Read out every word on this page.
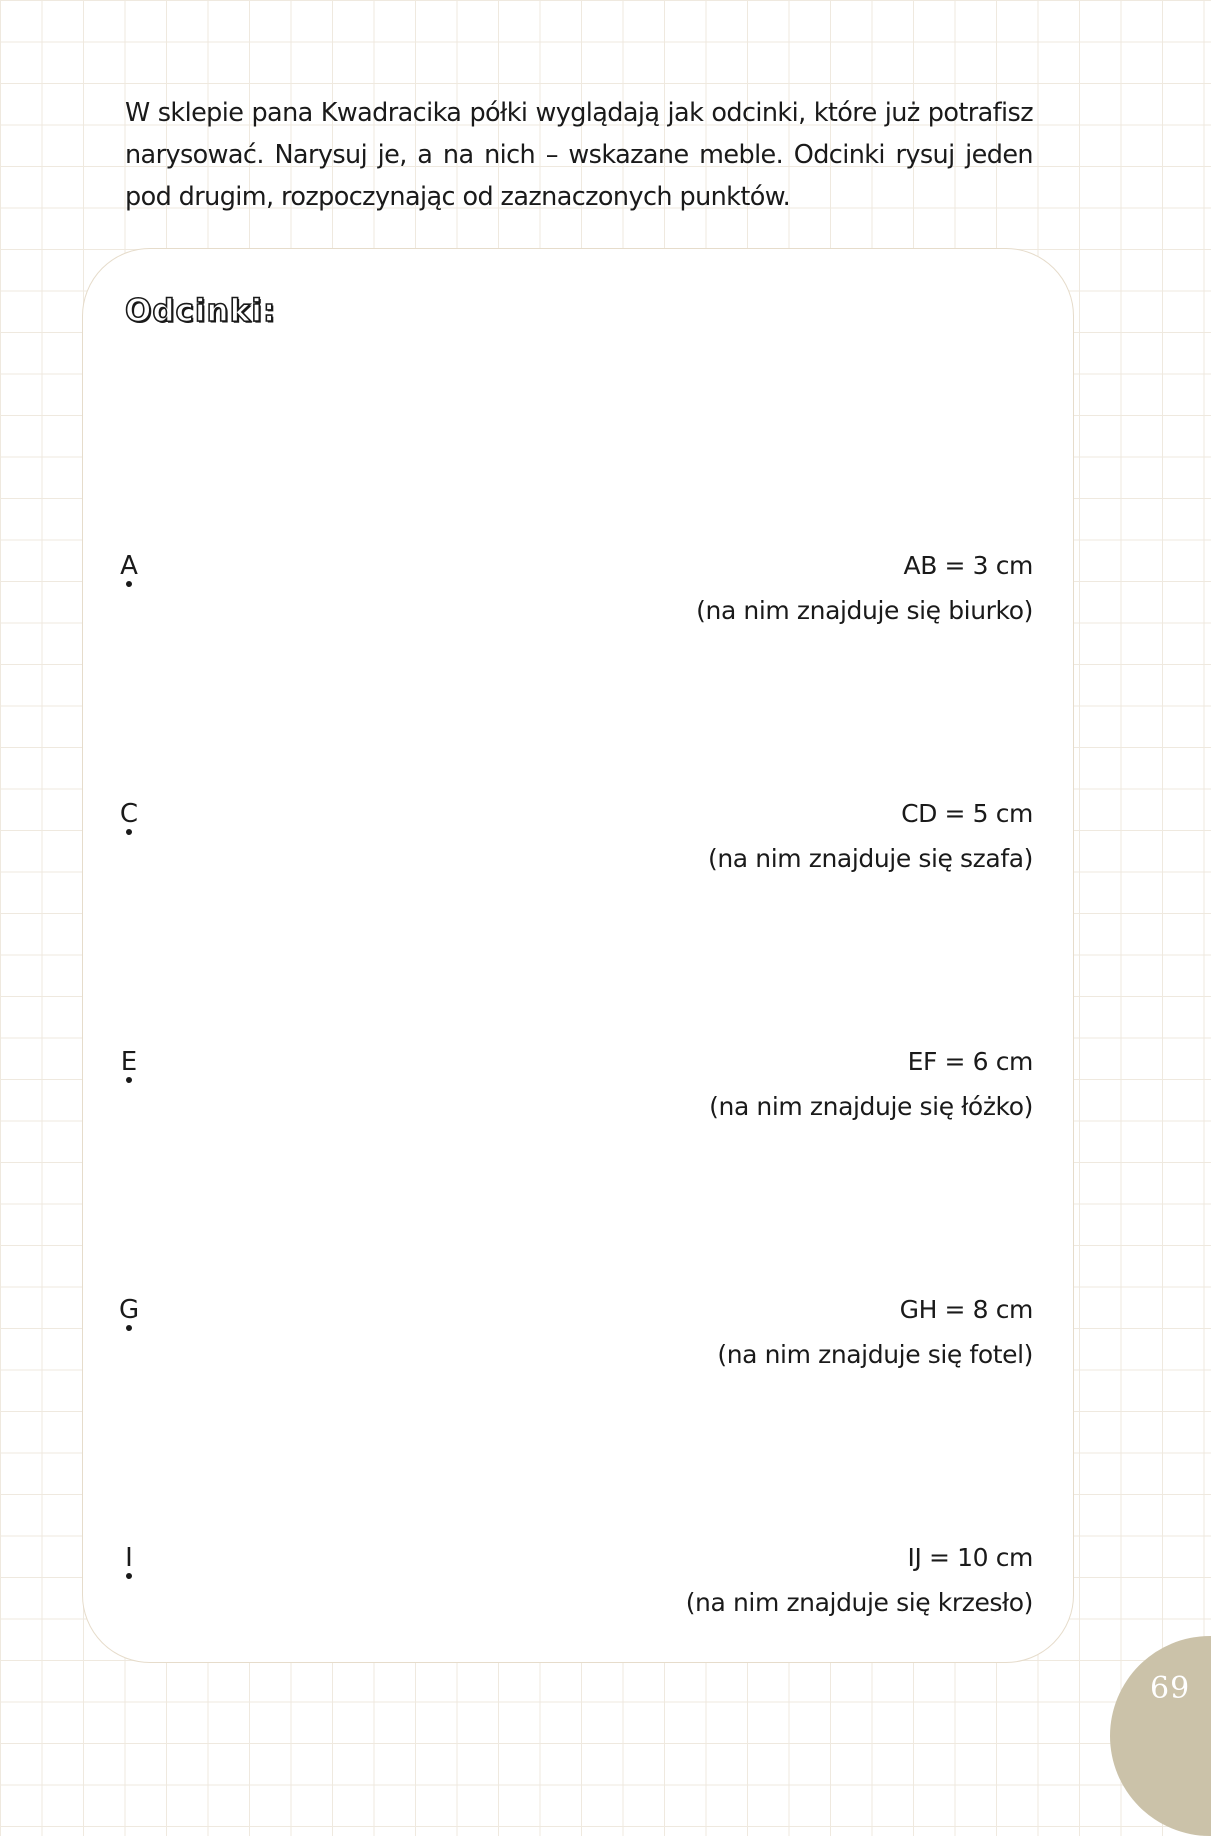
W sklepie pana Kwadracika półki wyglądają jak odcinki, które już potrafisz narysować. Narysuj je, a na nich – wskazane meble. Odcinki rysuj jeden pod drugim, rozpoczynając od zaznaczonych punktów.
Odcinki:
A	AB = 3 cm
(na nim znajduje się biurko)
C	CD = 5 cm
(na nim znajduje się szafa)
E	EF = 6 cm
(na nim znajduje się łóżko)
G	GH = 8 cm
(na nim znajduje się fotel)
I	IJ = 10 cm
(na nim znajduje się krzesło)
69
